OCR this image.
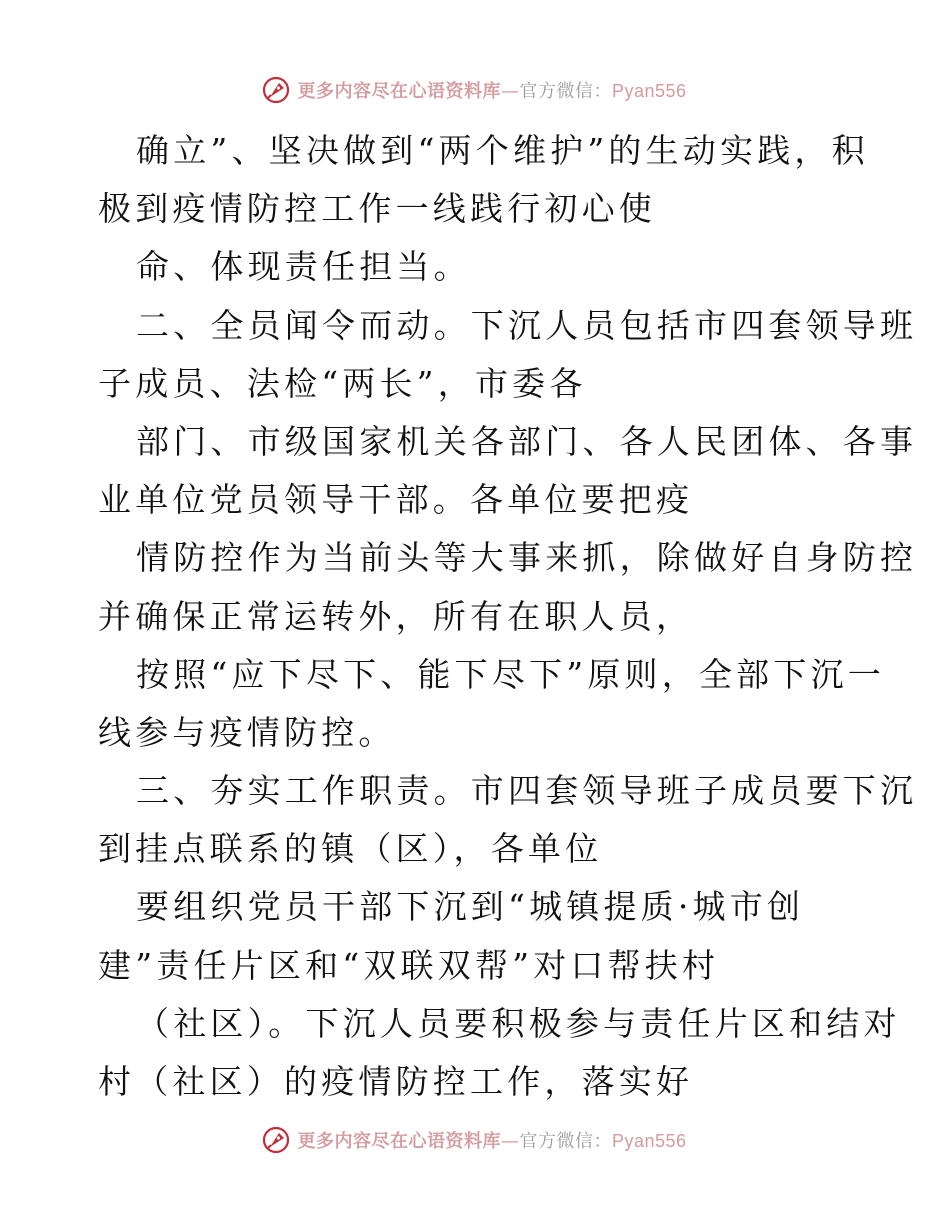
更多内容尽在心语资料库—官方微信：Pyan556
确立”、坚决做到“两个维护”的生动实践，积
极到疫情防控工作一线践行初心使
命、体现责任担当。
二、全员闻令而动。下沉人员包括市四套领导班
子成员、法检“两长”，市委各
部门、市级国家机关各部门、各人民团体、各事
业单位党员领导干部。各单位要把疫
情防控作为当前头等大事来抓，除做好自身防控
并确保正常运转外，所有在职人员，
按照“应下尽下、能下尽下”原则，全部下沉一
线参与疫情防控。
三、夯实工作职责。市四套领导班子成员要下沉
到挂点联系的镇（区），各单位
要组织党员干部下沉到“城镇提质·城市创
建”责任片区和“双联双帮”对口帮扶村
（社区）。下沉人员要积极参与责任片区和结对
村（社区）的疫情防控工作，落实好
更多内容尽在心语资料库—官方微信：Pyan556
